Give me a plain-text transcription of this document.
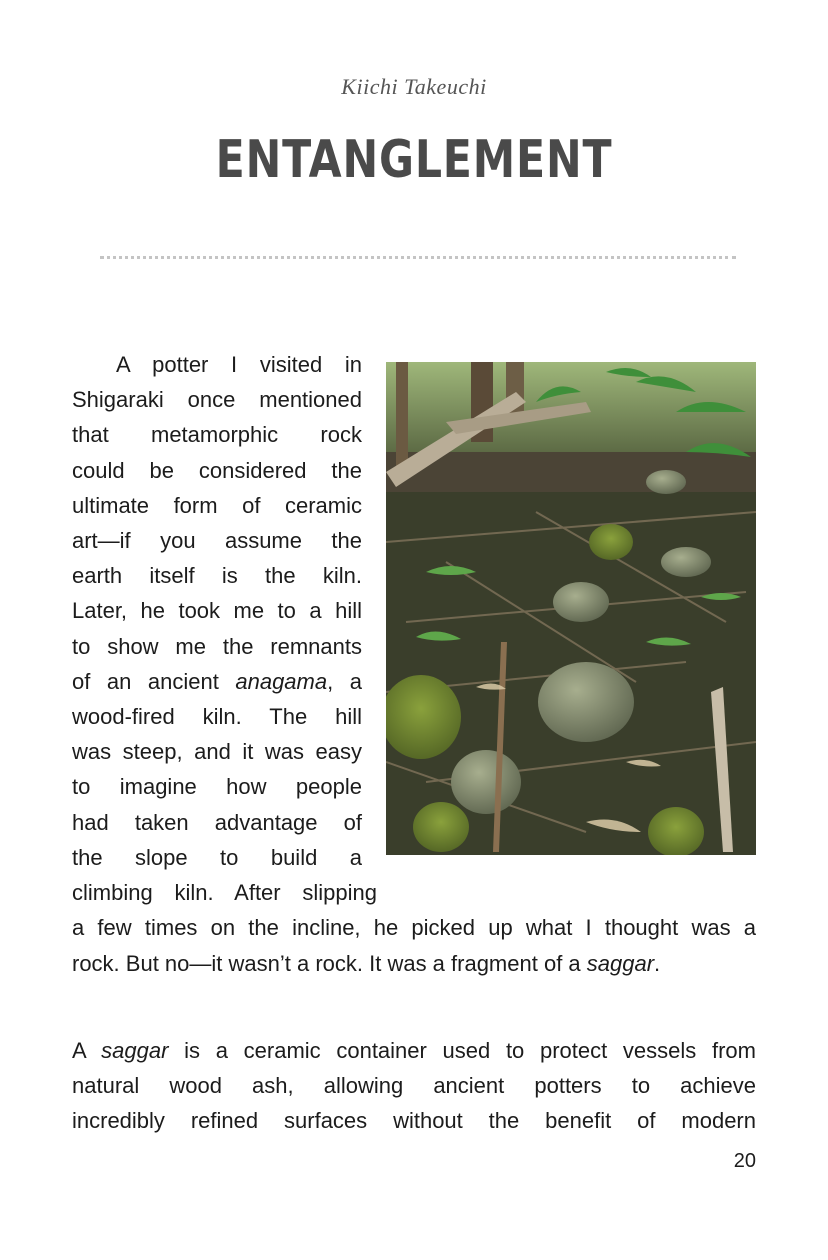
Kiichi Takeuchi
ENTANGLEMENT
A potter I visited in
Shigaraki once mentioned
that metamorphic rock
could be considered the
ultimate form of ceramic
art—if you assume the
earth itself is the kiln.
Later, he took me to a hill
to show me the remnants
of an ancient anagama, a
wood-fired kiln. The hill
was steep, and it was easy
to imagine how people
had taken advantage of
the slope to build a
climbing kiln. After slipping
a few times on the incline, he picked up what I thought was a
rock. But no—it wasn’t a rock. It was a fragment of a saggar.
A saggar is a ceramic container used to protect vessels from
natural wood ash, allowing ancient potters to achieve
incredibly refined surfaces without the benefit of modern
20
